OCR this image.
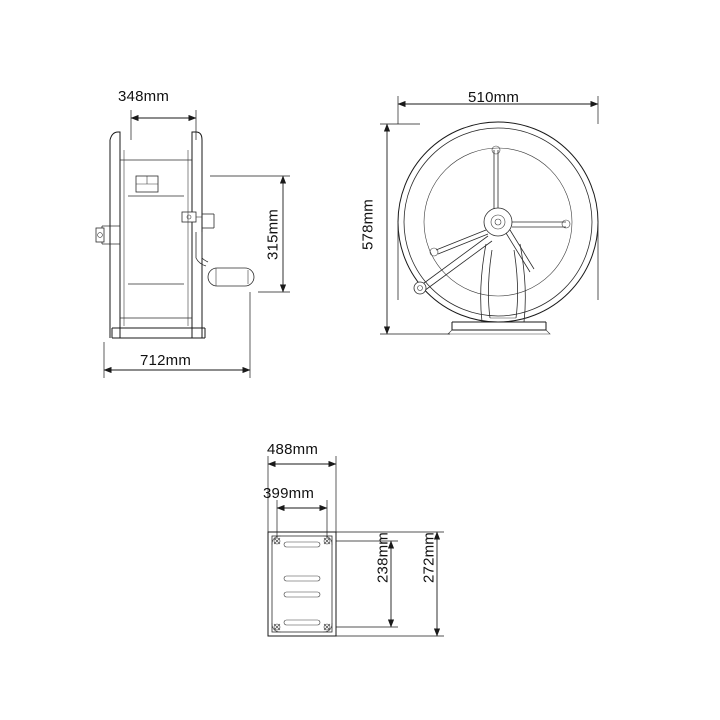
348mm
315mm
712mm
510mm
578mm
488mm
399mm
238mm 272mm
